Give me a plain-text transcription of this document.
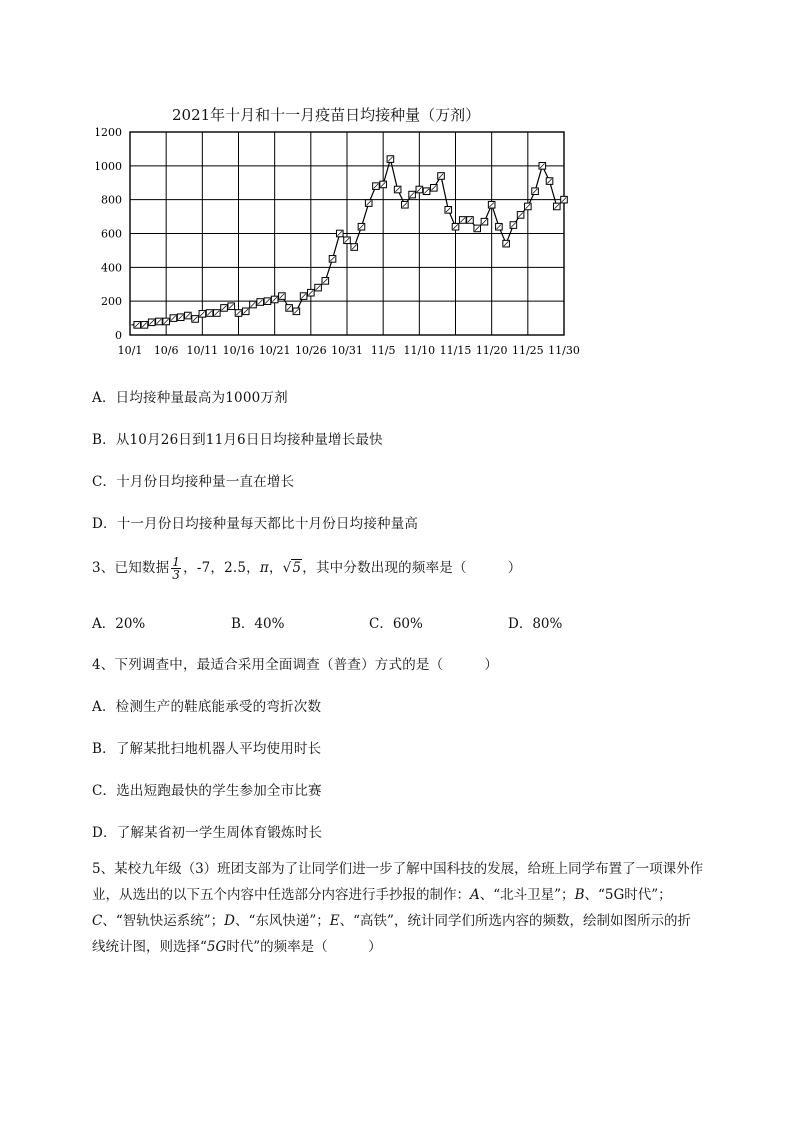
2021年十月和十一月疫苗日均接种量（万剂）
0
200
400
600
800
1000
1200
10/1 10/6 10/11 10/16 10/21 10/26 10/31 11/5 11/10 11/15 11/20 11/25 11/30
A．日均接种量最高为1000万剂
B．从10月26日到11月6日日均接种量增长最快
C．十月份日均接种量一直在增长
D．十一月份日均接种量每天都比十月份日均接种量高
3、已知数据 $\frac{1}{3}$ ，-7，2.5，π，√5，其中分数出现的频率是（　　　）
A．20%	B．40%	C．60%	D．80%
4、下列调查中，最适合采用全面调查（普查）方式的是（　　　）
A．检测生产的鞋底能承受的弯折次数
B．了解某批扫地机器人平均使用时长
C．选出短跑最快的学生参加全市比赛
D．了解某省初一学生周体育锻炼时长
5、某校九年级（3）班团支部为了让同学们进一步了解中国科技的发展，给班上同学布置了一项课外作业，从选出的以下五个内容中任选部分内容进行手抄报的制作：A、“北斗卫星”；B、“5G时代”；C、“智轨快运系统”；D、“东风快递”；E、“高铁”，统计同学们所选内容的频数，绘制如图所示的折线统计图，则选择“5G时代”的频率是（　　　）
